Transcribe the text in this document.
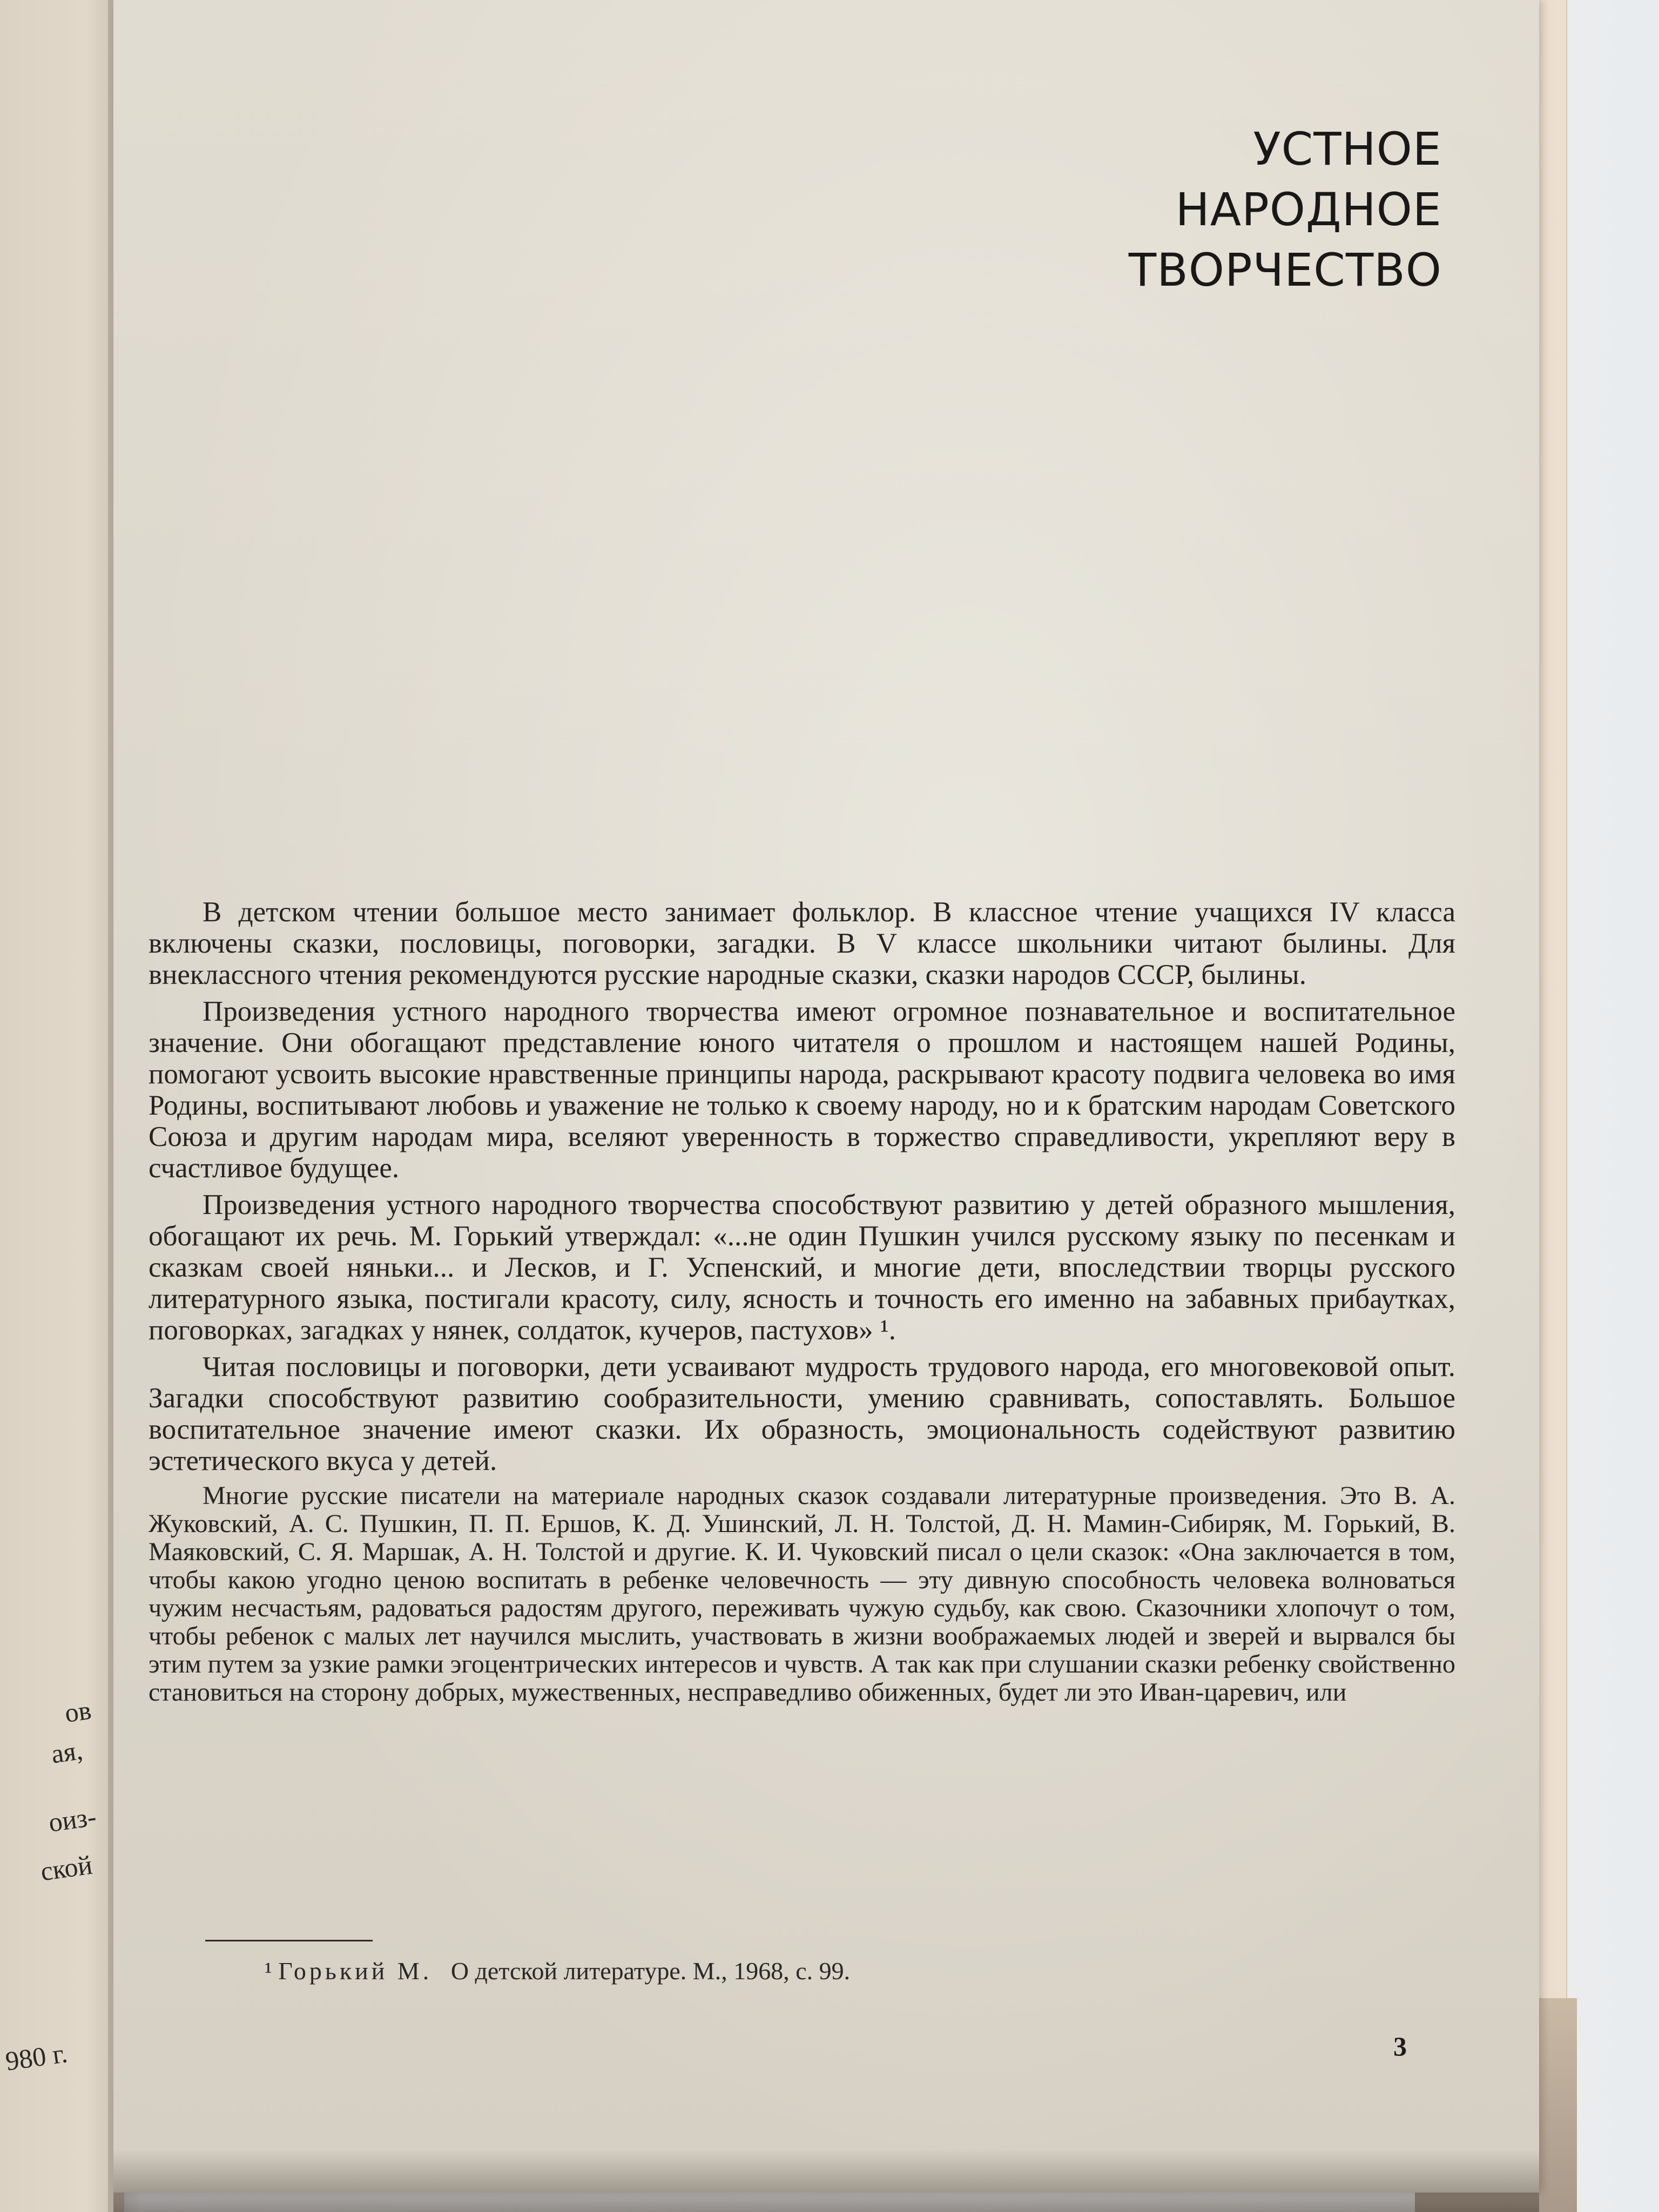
ов
ая,
оиз-
ской
980 г.
УСТНОЕ
НАРОДНОЕ
ТВОРЧЕСТВО

В детском чтении большое место занимает фольклор. В классное чтение учащихся IV класса включены сказки, пословицы, поговорки, загадки. В V классе школьники читают былины. Для внеклассного чтения рекомендуются русские народные сказки, сказки народов СССР, былины.

Произведения устного народного творчества имеют огромное познавательное и воспитательное значение. Они обогащают представление юного читателя о прошлом и настоящем нашей Родины, помогают усвоить высокие нравственные принципы народа, раскрывают красоту подвига человека во имя Родины, воспитывают любовь и уважение не только к своему народу, но и к братским народам Советского Союза и другим народам мира, вселяют уверенность в торжество справедливости, укрепляют веру в счастливое будущее.

Произведения устного народного творчества способствуют развитию у детей образного мышления, обогащают их речь. М. Горький утверждал: «...не один Пушкин учился русскому языку по песенкам и сказкам своей няньки... и Лесков, и Г. Успенский, и многие дети, впоследствии творцы русского литературного языка, постигали красоту, силу, ясность и точность его именно на забавных прибаутках, поговорках, загадках у нянек, солдаток, кучеров, пастухов» ¹.

Читая пословицы и поговорки, дети усваивают мудрость трудового народа, его многовековой опыт. Загадки способствуют развитию сообразительности, умению сравнивать, сопоставлять. Большое воспитательное значение имеют сказки. Их образность, эмоциональность содействуют развитию эстетического вкуса у детей.

Многие русские писатели на материале народных сказок создавали литературные произведения. Это В. А. Жуковский, А. С. Пушкин, П. П. Ершов, К. Д. Ушинский, Л. Н. Толстой, Д. Н. Мамин-Сибиряк, М. Горький, В. Маяковский, С. Я. Маршак, А. Н. Толстой и другие. К. И. Чуковский писал о цели сказок: «Она заключается в том, чтобы какою угодно ценою воспитать в ребенке человечность — эту дивную способность человека волноваться чужим несчастьям, радоваться радостям другого, переживать чужую судьбу, как свою. Сказочники хлопочут о том, чтобы ребенок с малых лет научился мыслить, участвовать в жизни воображаемых людей и зверей и вырвался бы этим путем за узкие рамки эгоцентрических интересов и чувств. А так как при слушании сказки ребенку свойственно становиться на сторону добрых, мужественных, несправедливо обиженных, будет ли это Иван-царевич, или

¹ Горький М. О детской литературе. М., 1968, с. 99.
3
